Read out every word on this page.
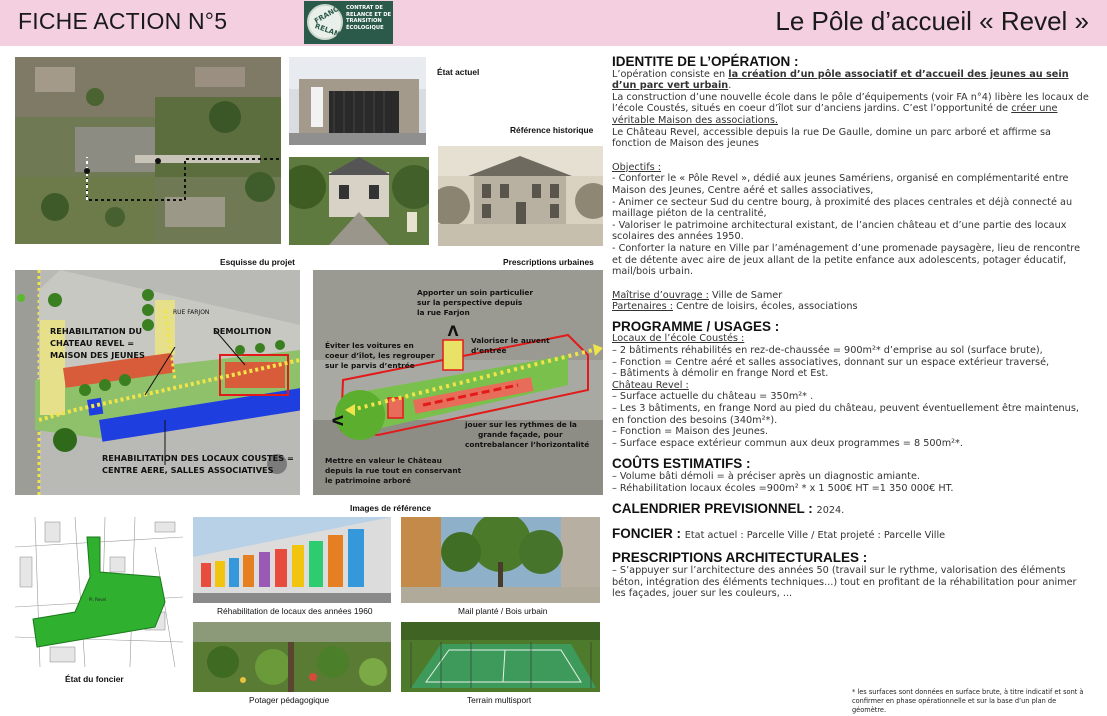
FICHE ACTION N°5	FRANCE
RELANCE
CONTRAT DE RELANCE ET DE TRANSITION ÉCOLOGIQUE	Le Pôle d’accueil « Revel »
État actuel
Référence historique
Esquisse du projet	Prescriptions urbaines
RUE FARJON
REHABILITATION DU
CHATEAU REVEL =
MAISON DES JEUNES
DEMOLITION
REHABILITATION DES LOCAUX COUSTES =
CENTRE AERE, SALLES ASSOCIATIVES
Λ
Λ
Apporter un soin particulier
sur la perspective depuis
la rue Farjon
Valoriser le auvent
d’entrée
Éviter les voitures en
coeur d’îlot, les regrouper
sur le parvis d’entrée
jouer sur les rythmes de la
grande façade, pour
contrebalancer l’horizontalité
Mettre en valeur le Château
depuis la rue tout en conservant
le patrimoine arboré
Images de référence
Pl. Revel
État du foncier
Réhabilitation de locaux des années 1960	Mail planté / Bois urbain
Potager pédagogique	Terrain multisport
IDENTITE DE L’OPÉRATION :

L’opération consiste en la création d’un pôle associatif et d’accueil des jeunes au sein d’un parc vert urbain.

La construction d’une nouvelle école dans le pôle d’équipements (voir FA n°4) libère les locaux de l’école Coustés, situés en coeur d’îlot sur d’anciens jardins. C’est l’opportunité de créer une véritable Maison des associations.

Le Château Revel, accessible depuis la rue De Gaulle, domine un parc arboré et affirme sa fonction de Maison des jeunes

Objectifs :

- Conforter le « Pôle Revel », dédié aux jeunes Samériens, organisé en complémentarité entre Maison des Jeunes, Centre aéré et salles associatives,

- Animer ce secteur Sud du centre bourg, à proximité des places centrales et déjà connecté au maillage piéton de la centralité,

- Valoriser le patrimoine architectural existant, de l’ancien château et d’une partie des locaux scolaires des années 1950.

- Conforter la nature en Ville par l’aménagement d’une promenade paysagère, lieu de rencontre et de détente avec aire de jeux allant de la petite enfance aux adolescents, potager éducatif, mail/bois urbain.

Maîtrise d’ouvrage : Ville de Samer

Partenaires : Centre de loisirs, écoles, associations

PROGRAMME / USAGES :

Locaux de l’école Coustés :

– 2 bâtiments réhabilités en rez-de-chaussée = 900m²* d’emprise au sol (surface brute),

– Fonction = Centre aéré et salles associatives, donnant sur un espace extérieur traversé,

– Bâtiments à démolir en frange Nord et Est.

Château Revel :

– Surface actuelle du château = 350m²* .

– Les 3 bâtiments, en frange Nord au pied du château, peuvent éventuellement être maintenus, en fonction des besoins (340m²*).

– Fonction = Maison des Jeunes.

– Surface espace extérieur commun aux deux programmes = 8 500m²*.

COÛTS ESTIMATIFS :

– Volume bâti démoli = à préciser après un diagnostic amiante.

– Réhabilitation locaux écoles =900m² * x 1 500€ HT =1 350 000€ HT.

CALENDRIER PREVISIONNEL : 2024.
FONCIER : Etat actuel : Parcelle Ville / Etat projeté : Parcelle Ville
PRESCRIPTIONS ARCHITECTURALES :

– S’appuyer sur l’architecture des années 50 (travail sur le rythme, valorisation des éléments béton, intégration des éléments techniques...) tout en profitant de la réhabilitation pour animer les façades, jouer sur les couleurs, ...

* les surfaces sont données en surface brute, à titre indicatif et sont à confirmer en phase opérationnelle et sur la base d’un plan de géomètre.
